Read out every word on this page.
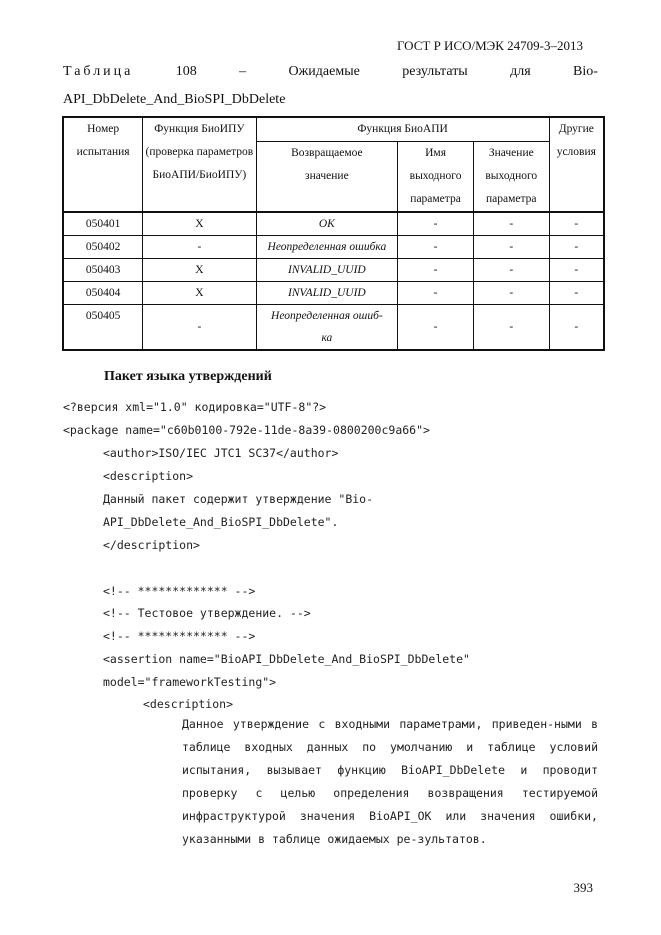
ГОСТ Р ИСО/МЭК 24709-3–2013
Таблица	108	–	Ожидаемые	результаты	для	Bio-
API_DbDelete_And_BioSPI_DbDelete
Номер испытания	Функция БиоИПУ (проверка параметров БиоАПИ/БиоИПУ)	Функция БиоАПИ			Другие условия
		Возвращаемое значение	Имя выходного параметра	Значение выходного параметра	
050401	X	OK	-	-	-
050402	-	Неопределенная ошибка	-	-	-
050403	X	INVALID_UUID	-	-	-
050404	X	INVALID_UUID	-	-	-
050405	-	Неопределенная ошиб-ка	-	-	-
Пакет языка утверждений
<?версия xml="1.0" кодировка="UTF-8"?>
<package name="c60b0100-792e-11de-8a39-0800200c9a66">
<author>ISO/IEC JTC1 SC37</author>
<description>
Данный пакет содержит утверждение "Bio-
API_DbDelete_And_BioSPI_DbDelete".
</description>
<!-- ************* -->
<!-- Тестовое утверждение. -->
<!-- ************* -->
<assertion name="BioAPI_DbDelete_And_BioSPI_DbDelete"
model="frameworkTesting">
<description>
Данное утверждение с входными параметрами, приведен-ными в таблице входных данных по умолчанию и таблице условий испытания, вызывает функцию BioAPI_DbDelete и проводит проверку с целью определения возвращения тестируемой инфраструктурой значения BioAPI_OK или значения ошибки, указанными в таблице ожидаемых ре-зультатов.
393
